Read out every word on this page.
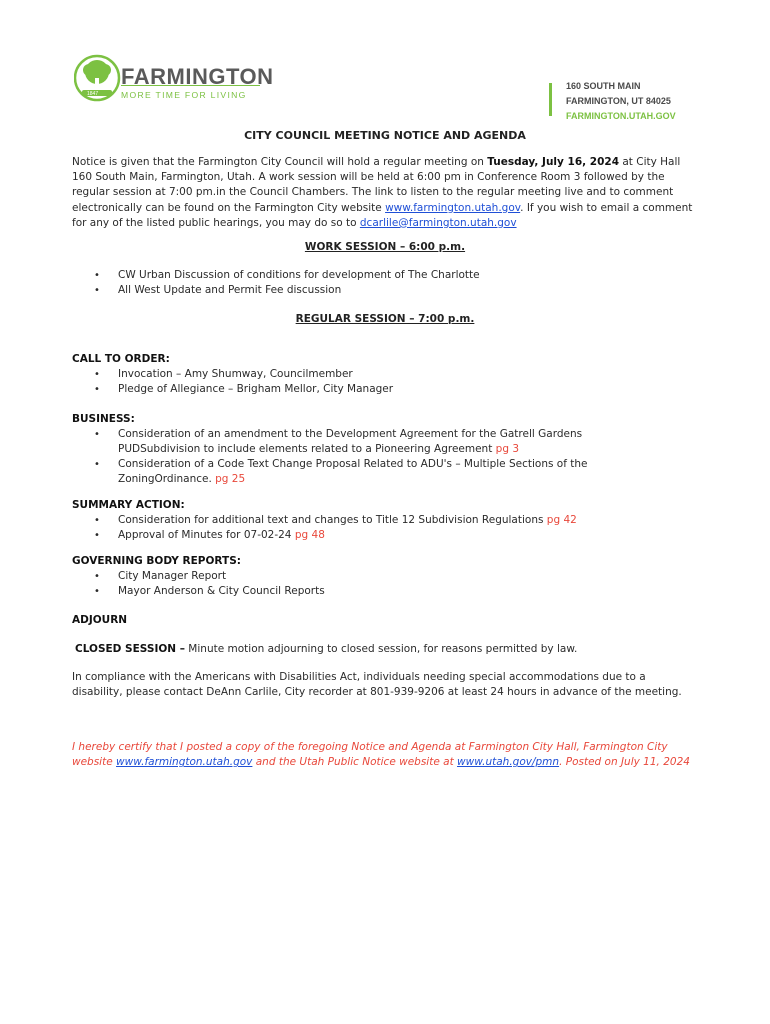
FARMINGTON
MORE TIME FOR LIVING
1847
160 SOUTH MAIN
FARMINGTON, UT 84025
FARMINGTON.UTAH.GOV
CITY COUNCIL MEETING NOTICE AND AGENDA

Notice is given that the Farmington City Council will hold a regular meeting on Tuesday, July 16, 2024 at City Hall 160 South Main, Farmington, Utah. A work session will be held at 6:00 pm in Conference Room 3 followed by the regular session at 7:00 pm.in the Council Chambers. The link to listen to the regular meeting live and to comment electronically can be found on the Farmington City website www.farmington.utah.gov. If you wish to email a comment for any of the listed public hearings, you may do so to dcarlile@farmington.utah.gov

WORK SESSION – 6:00 p.m.
• CW Urban Discussion of conditions for development of The Charlotte
• All West Update and Permit Fee discussion
REGULAR SESSION – 7:00 p.m.
CALL TO ORDER:
• Invocation – Amy Shumway, Councilmember
• Pledge of Allegiance – Brigham Mellor, City Manager
BUSINESS:
• Consideration of an amendment to the Development Agreement for the Gatrell Gardens PUDSubdivision to include elements related to a Pioneering Agreement pg 3
• Consideration of a Code Text Change Proposal Related to ADU's – Multiple Sections of the ZoningOrdinance. pg 25
SUMMARY ACTION:
• Consideration for additional text and changes to Title 12 Subdivision Regulations pg 42
• Approval of Minutes for 07-02-24 pg 48
GOVERNING BODY REPORTS:
• City Manager Report
• Mayor Anderson & City Council Reports
ADJOURN
CLOSED SESSION – Minute motion adjourning to closed session, for reasons permitted by law.

In compliance with the Americans with Disabilities Act, individuals needing special accommodations due to a disability, please contact DeAnn Carlile, City recorder at 801-939-9206 at least 24 hours in advance of the meeting.

I hereby certify that I posted a copy of the foregoing Notice and Agenda at Farmington City Hall, Farmington City website www.farmington.utah.gov and the Utah Public Notice website at www.utah.gov/pmn. Posted on July 11, 2024
